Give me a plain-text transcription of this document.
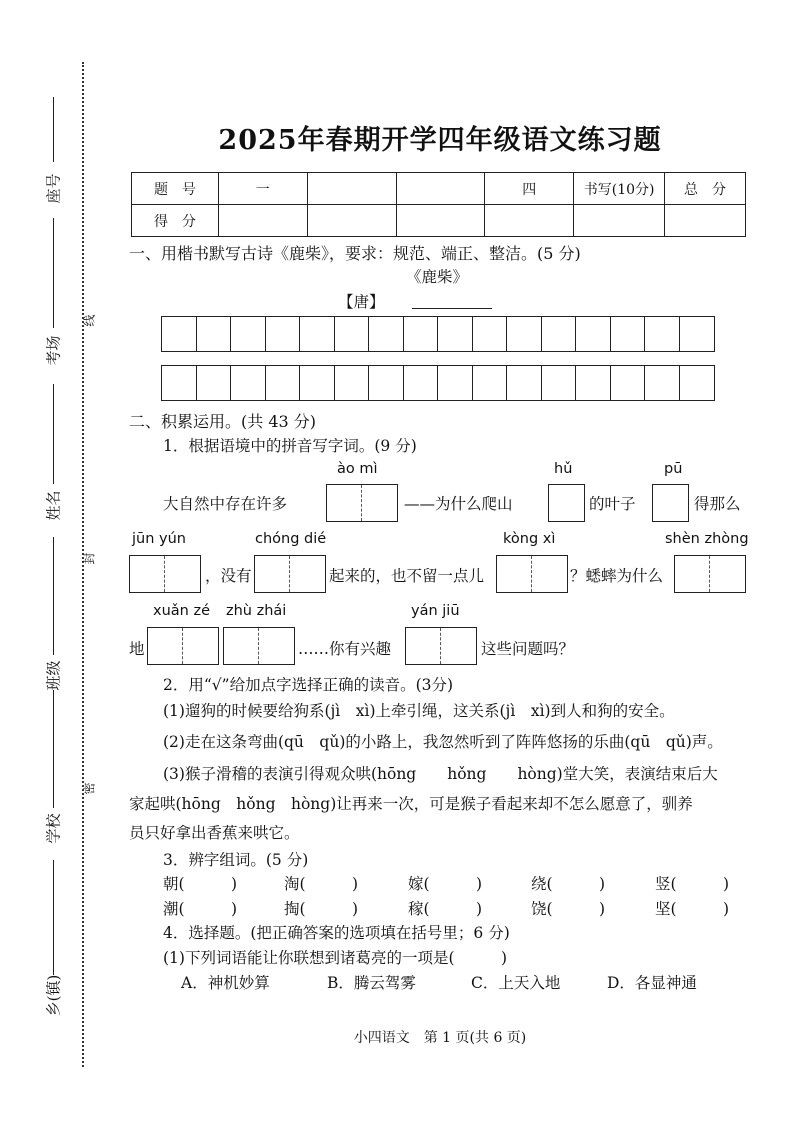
座号
考场
姓名
班级
学校
乡(镇)
线
封
密
2025年春期开学四年级语文练习题
题　号	一			四	书写(10分)	总　分
得　分						
一、用楷书默写古诗《鹿柴》，要求：规范、端正、整洁。(5 分)
《鹿柴》
【唐】
二、积累运用。(共 43 分)
1．根据语境中的拼音写字词。(9 分)
ào mì	hǔ	pū
大自然中存在许多	——为什么爬山	的叶子	得那么
jūn yún	chóng dié	kòng xì	shèn zhòng
，没有	起来的，也不留一点儿	？蟋蟀为什么
xuǎn zé zhù zhái	yán jiū
地	……你有兴趣	这些问题吗？
2．用“√”给加点字选择正确的读音。(3分)
(1)遛狗的时候要给狗系(jì　xì)上牵引绳，这关系(jì　xì)到人和狗的安全。
(2)走在这条弯曲(qū　qǔ)的小路上，我忽然听到了阵阵悠扬的乐曲(qū　qǔ)声。
(3)猴子滑稽的表演引得观众哄(hōng　　hǒng　　hòng)堂大笑，表演结束后大
家起哄(hōng　hǒng　hòng)让再来一次，可是猴子看起来却不怎么愿意了，驯养
员只好拿出香蕉来哄它。
3．辨字组词。(5 分)
朝(　　　)	淘(　　　)	嫁(　　　)	绕(　　　)	竖(　　　)
潮(　　　)	掏(　　　)	稼(　　　)	饶(　　　)	坚(　　　)
4．选择题。(把正确答案的选项填在括号里；6 分)
(1)下列词语能让你联想到诸葛亮的一项是(　　　)
A．神机妙算	B．腾云驾雾	C．上天入地	D．各显神通
小四语文　第 1 页(共 6 页)
